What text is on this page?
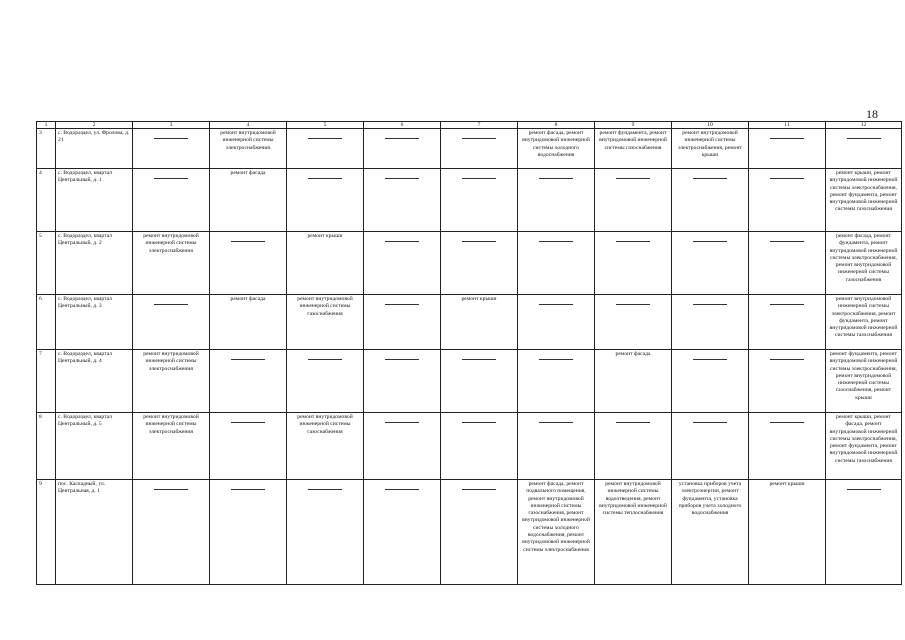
18
1	2	3	4	5	6	7	8	9	10	11	12
3	с. Водораздел, ул. Фролова, д. 21		ремонт внутридомовой инженерной системы электроснабжения				ремонт фасада, ремонт внутридомовой инженерной системы холодного водоснабжения	ремонт фундамента, ремонт внутридомовой инженерной системы газоснабжения	ремонт внутридомовой инженерной системы электроснабжения, ремонт крыши	

4	с. Водораздел, квартал Центральный, д. 1		ремонт фасада								ремонт крыши, ремонт внутридомовой инженерной системы электроснабжения, ремонт фундамента, ремонт внутридомовой инженерной системы газоснабжения
5	с. Водораздел, квартал Центральный, д. 2	ремонт внутридомовой инженерной системы электроснабжения		ремонт крыши							ремонт фасада, ремонт фундамента, ремонт внутридомовой инженерной системы электроснабжения, ремонт внутридомовой инженерной системы газоснабжения
6	с. Водораздел, квартал Центральный, д. 3		ремонт фасада	ремонт внутридомовой инженерной системы газоснабжения		ремонт крыши					ремонт внутридомовой инженерной системы электроснабжения, ремонт фундамента, ремонт внутридомовой инженерной системы газоснабжения
7	с. Водораздел, квартал Центральный, д. 4	ремонт внутридомовой инженерной системы электроснабжения						ремонт фасада			ремонт фундамента, ремонт внутридомовой инженерной системы электроснабжения, ремонт внутридомовой инженерной системы газоснабжения, ремонт крыши
8	с. Водораздел, квартал Центральный, д. 5	ремонт внутридомовой инженерной системы электроснабжения		ремонт внутридомовой инженерной системы газоснабжения							ремонт крыши, ремонт фасада, ремонт внутридомовой инженерной системы электроснабжения, ремонт фундамента, ремонт внутридомовой инженерной системы газоснабжения
9	пос. Каскадный, ул. Центральная, д. 1						ремонт фасада, ремонт подвального помещения, ремонт внутридомовой инженерной системы газоснабжения, ремонт внутридомовой инженерной системы холодного водоснабжения, ремонт внутридомовой инженерной системы электроснабжения	ремонт внутридомовой инженерной системы водоотведения, ремонт внутридомовой инженерной системы теплоснабжения	установка приборов учета электроэнергии, ремонт фундамента, установка приборов учета холодного водоснабжения	ремонт крыши	
